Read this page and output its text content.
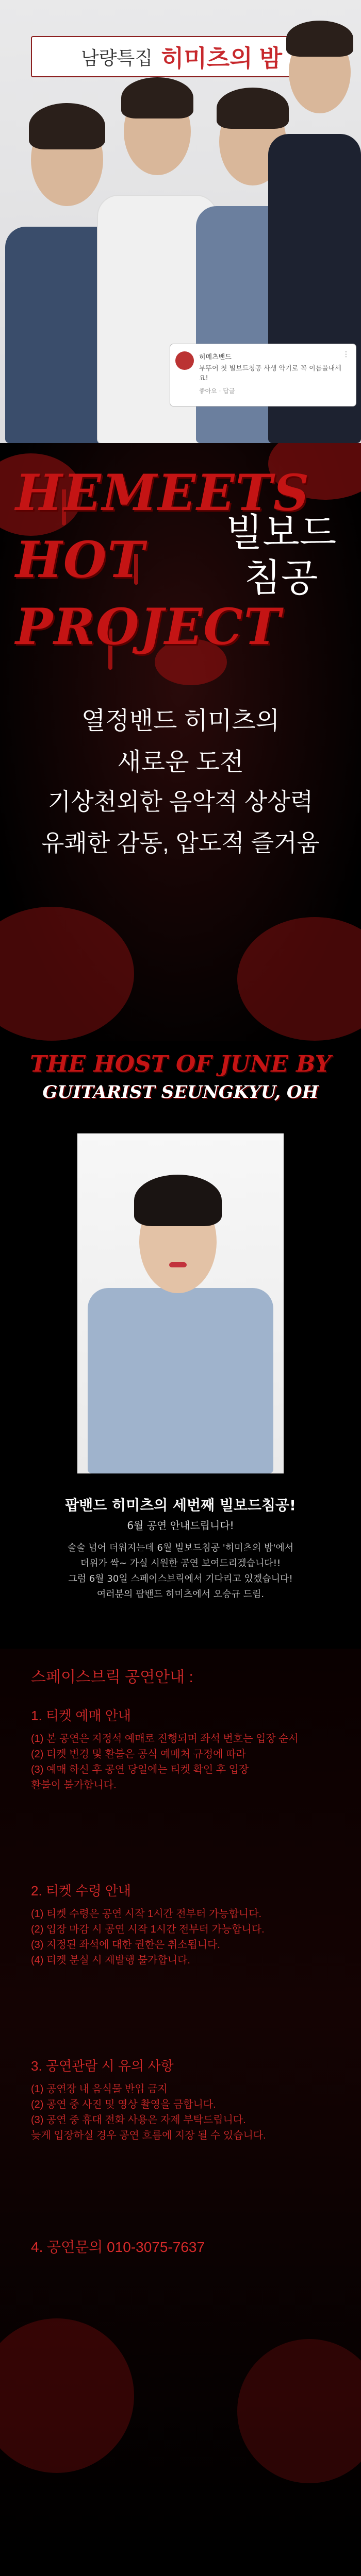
남량특집 히미츠의 밤
히메츠밴드
부뚜어 첫 빌보드청공 사생 약기로 꼭 이름을내세요!
⋮
좋아요 · 답글
HEMEETS
HOT
PROJECT
빌보드
침공
열정밴드 히미츠의
새로운 도전
기상천외한 음악적 상상력
유쾌한 감동, 압도적 즐거움
THE HOST OF JUNE BY
GUITARIST SEUNGKYU, OH
팝밴드 히미츠의 세번째 빌보드침공!
6월 공연 안내드립니다!
술술 넘어 더워지는데 6월 빌보드침공 '히미츠의 밤'에서
더위가 싹~ 가실 시원한 공연 보여드리겠습니다!!
그럼 6월 30일 스페이스브릭에서 기다리고 있겠습니다!
여러분의 팝밴드 히미츠에서 오승규 드림.
스페이스브릭 공연안내 :
1. 티켓 예매 안내
(1) 본 공연은 지정석 예매로 진행되며 좌석 번호는 입장 순서
(2) 티켓 변경 및 환불은 공식 예매처 규정에 따라
(3) 예매 하신 후 공연 당일에는 티켓 확인 후 입장
환불이 불가합니다.
2. 티켓 수령 안내
(1) 티켓 수령은 공연 시작 1시간 전부터 가능합니다.
(2) 입장 마감 시 공연 시작 1시간 전부터 가능합니다.
(3) 지정된 좌석에 대한 권한은 취소됩니다.
(4) 티켓 분실 시 재발행 불가합니다.
3. 공연관람 시 유의 사항
(1) 공연장 내 음식물 반입 금지
(2) 공연 중 사진 및 영상 촬영을 금합니다.
(3) 공연 중 휴대 전화 사용은 자제 부탁드립니다.
늦게 입장하실 경우 공연 흐름에 지장 될 수 있습니다.
4. 공연문의 010-3075-7637
